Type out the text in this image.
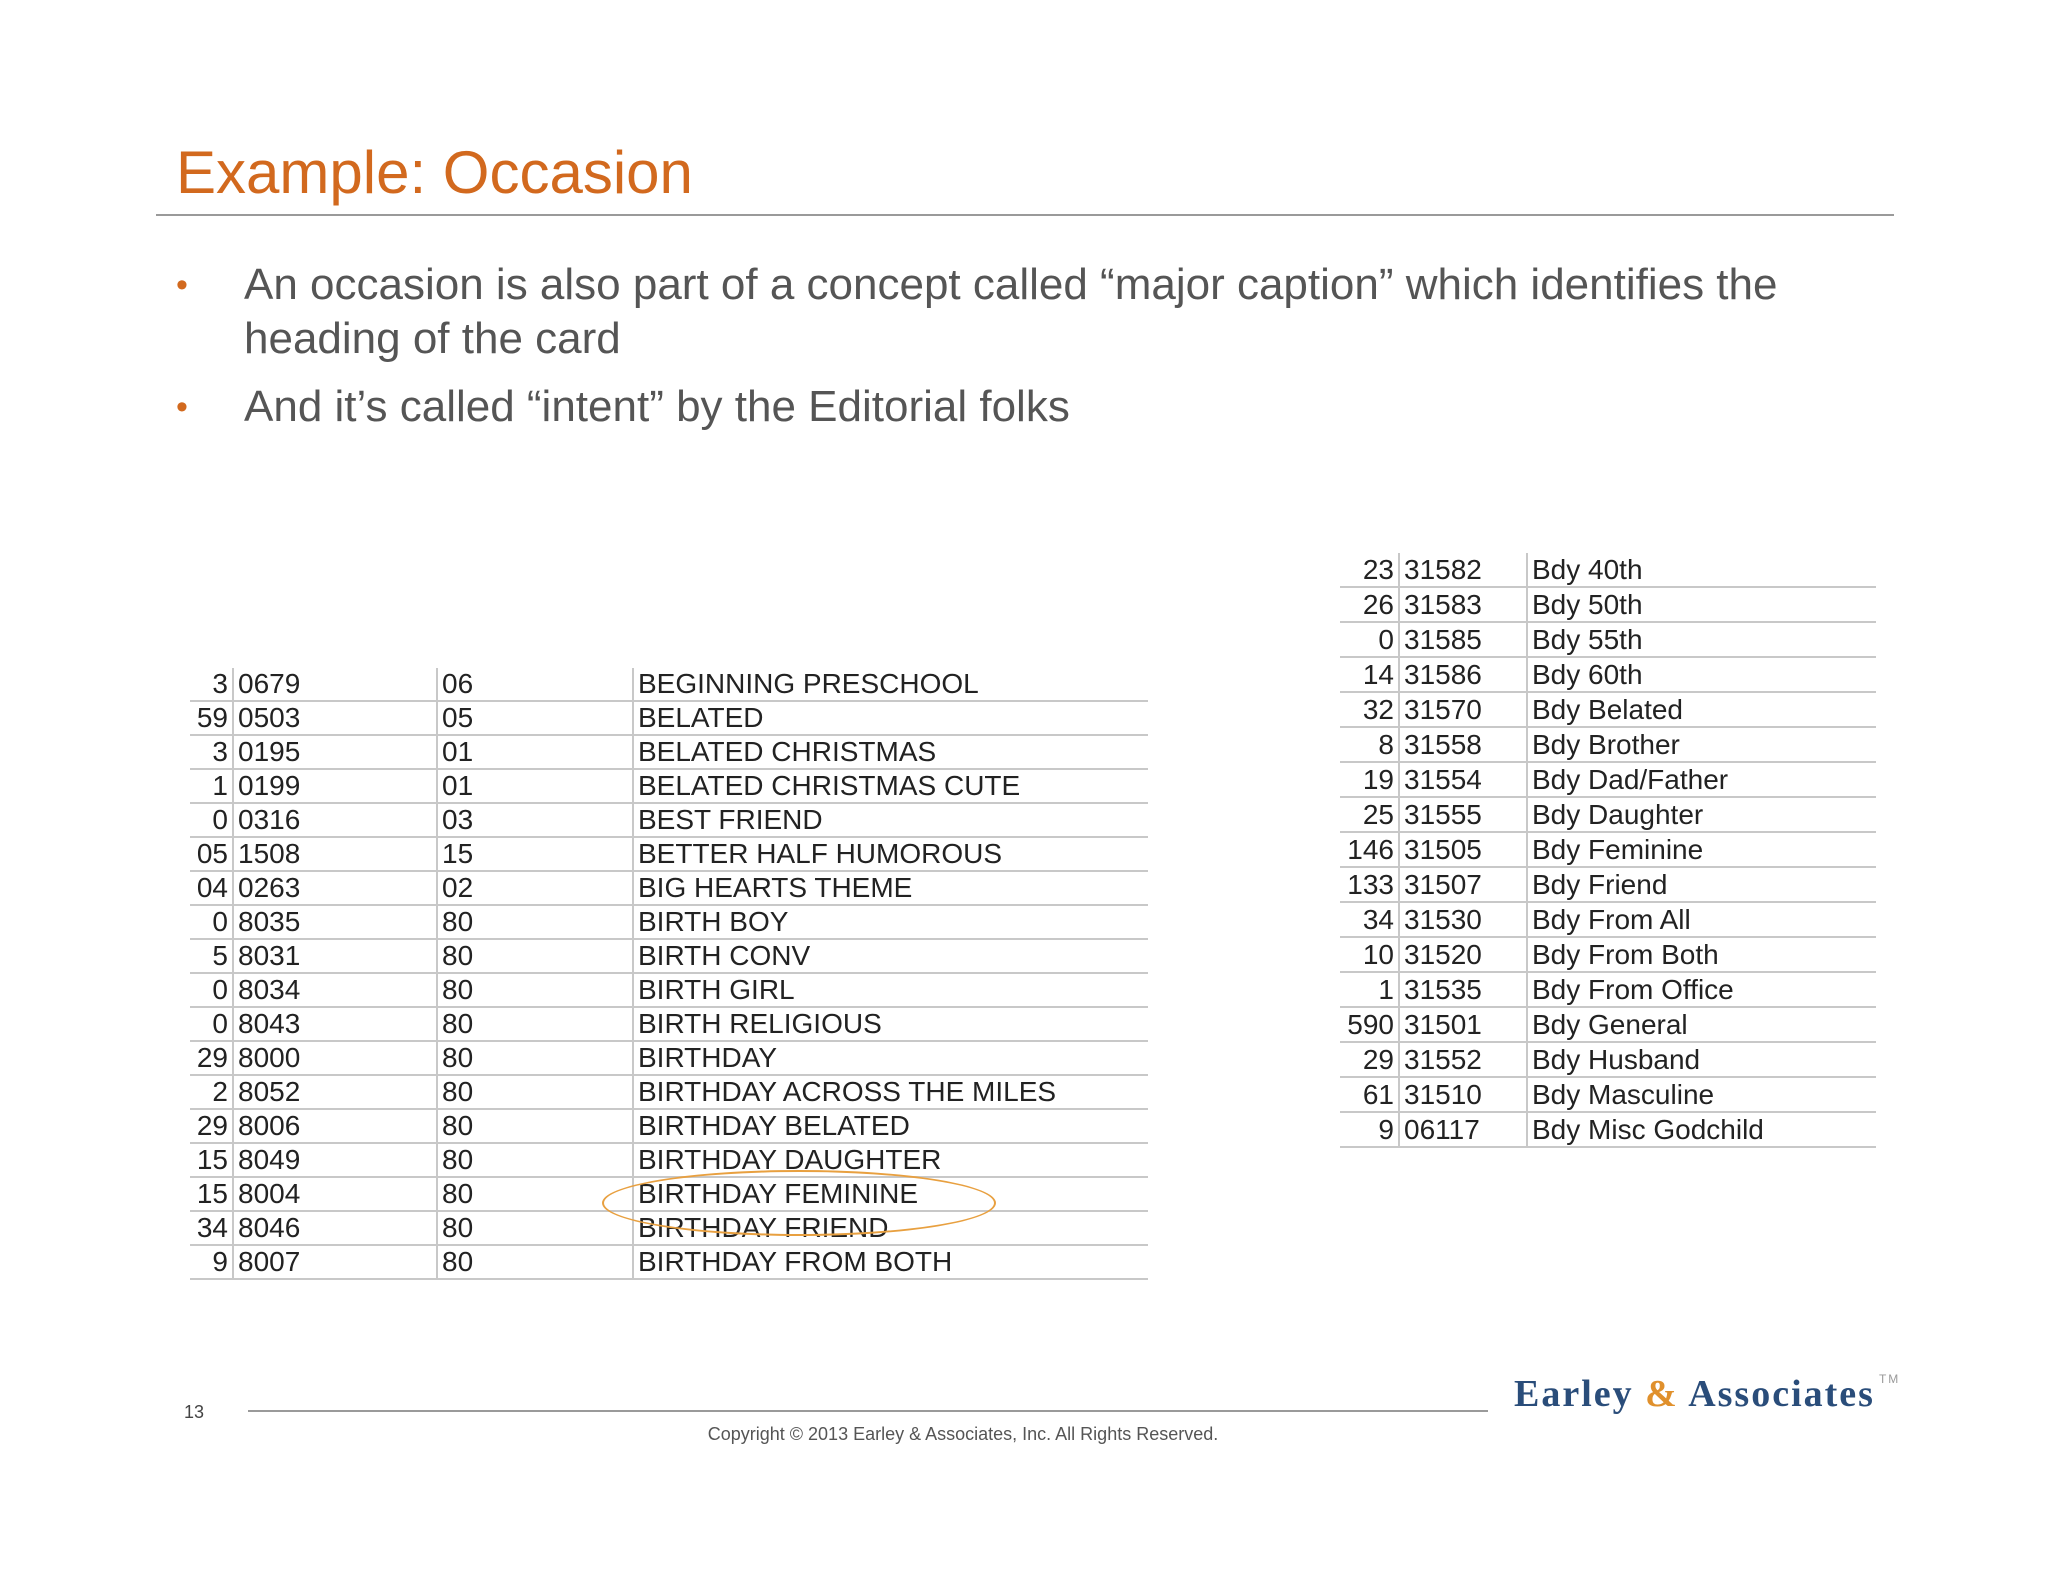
Example: Occasion
• An occasion is also part of a concept called “major caption” which identifies the heading of the card
• And it’s called “intent” by the Editorial folks
3	0679	06	BEGINNING PRESCHOOL
59	0503	05	BELATED
3	0195	01	BELATED CHRISTMAS
1	0199	01	BELATED CHRISTMAS CUTE
0	0316	03	BEST FRIEND
05	1508	15	BETTER HALF HUMOROUS
04	0263	02	BIG HEARTS THEME
0	8035	80	BIRTH BOY
5	8031	80	BIRTH CONV
0	8034	80	BIRTH GIRL
0	8043	80	BIRTH RELIGIOUS
29	8000	80	BIRTHDAY
2	8052	80	BIRTHDAY ACROSS THE MILES
29	8006	80	BIRTHDAY BELATED
15	8049	80	BIRTHDAY DAUGHTER
15	8004	80	BIRTHDAY FEMININE
34	8046	80	BIRTHDAY FRIEND
9	8007	80	BIRTHDAY FROM BOTH
23	31582	Bdy 40th
26	31583	Bdy 50th
0	31585	Bdy 55th
14	31586	Bdy 60th
32	31570	Bdy Belated
8	31558	Bdy Brother
19	31554	Bdy Dad/Father
25	31555	Bdy Daughter
146	31505	Bdy Feminine
133	31507	Bdy Friend
34	31530	Bdy From All
10	31520	Bdy From Both
1	31535	Bdy From Office
590	31501	Bdy General
29	31552	Bdy Husband
61	31510	Bdy Masculine
9	06117	Bdy Misc Godchild
13
Copyright © 2013 Earley & Associates, Inc. All Rights Reserved.
Earley & Associates ™
